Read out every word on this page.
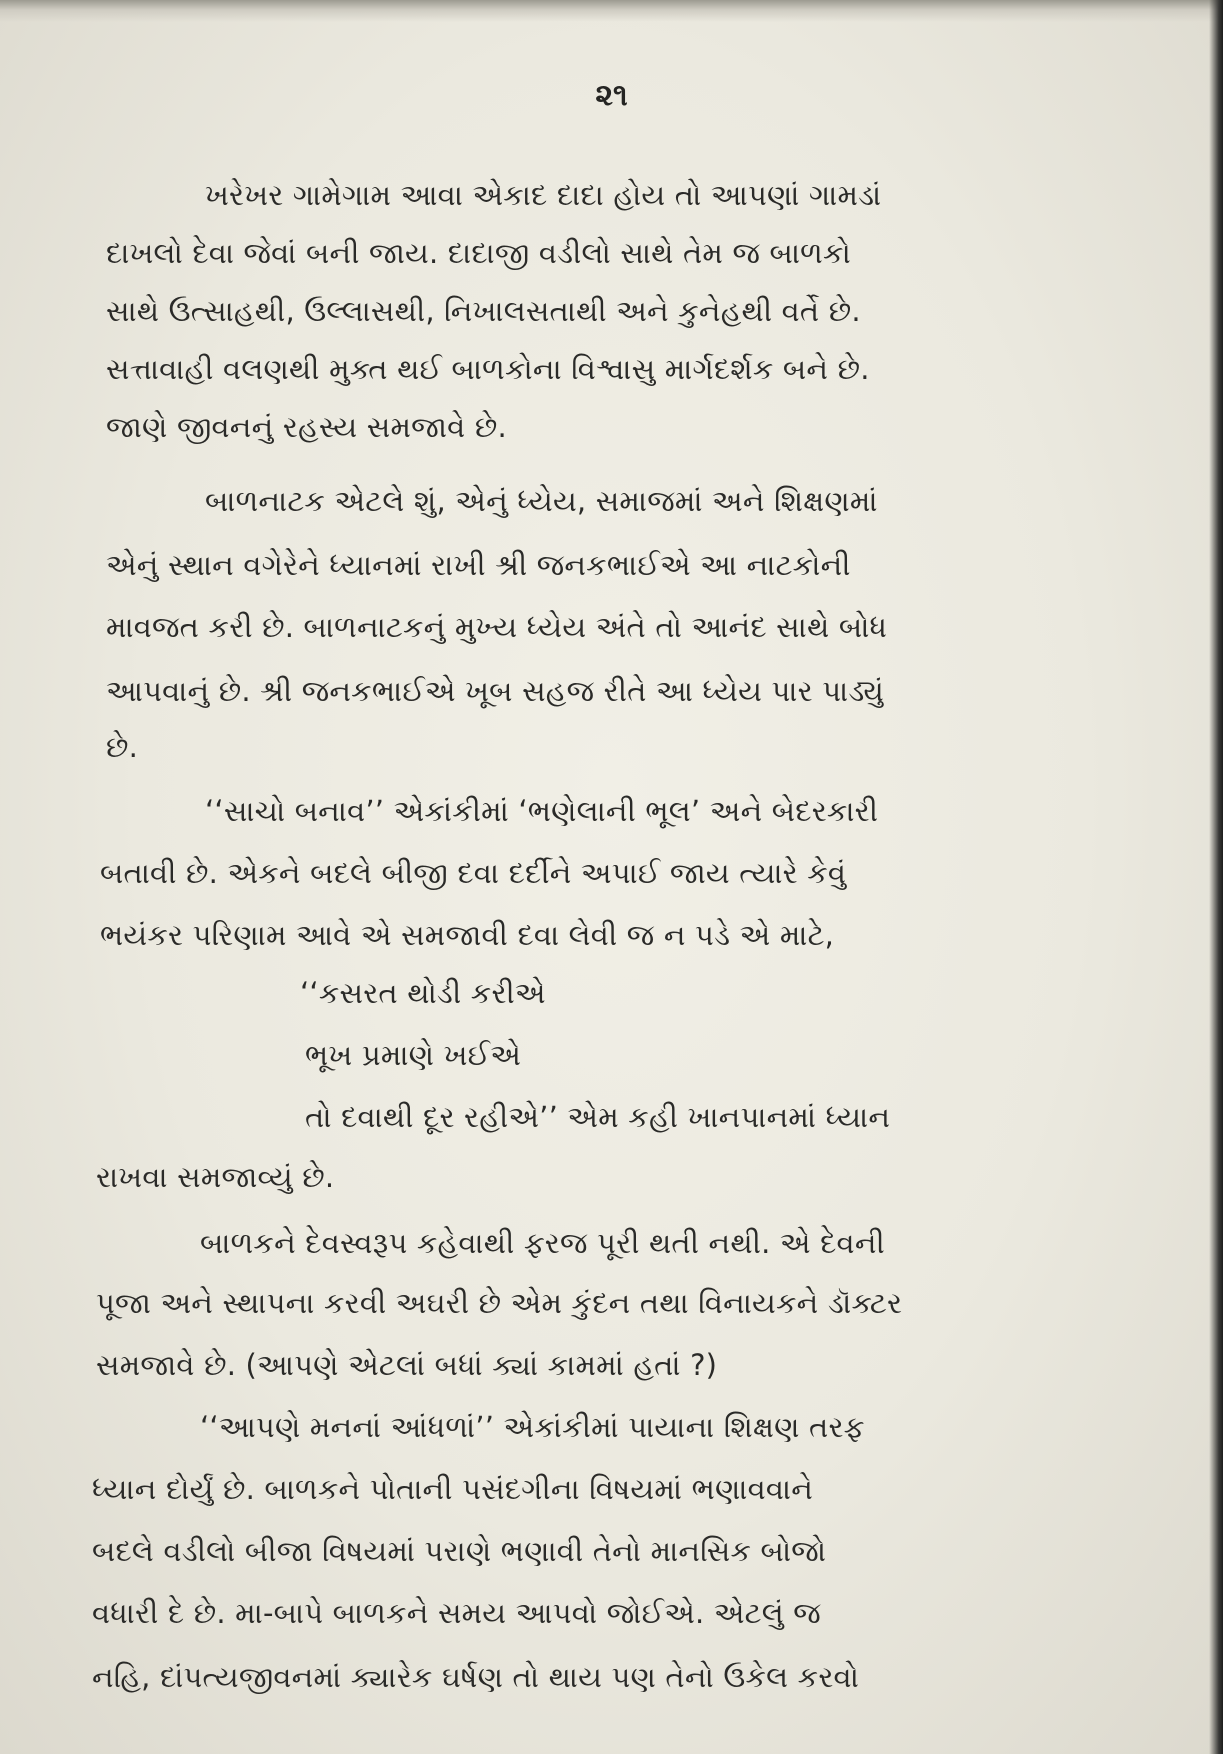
૨૧
ખરેખર ગામેગામ આવા એકાદ દાદા હોય તો આપણાં ગામડાં
દાખલો દેવા જેવાં બની જાય. દાદાજી વડીલો સાથે તેમ જ બાળકો
સાથે ઉત્સાહથી, ઉલ્લાસથી, નિખાલસતાથી અને કુનેહથી વર્તે છે.
સત્તાવાહી વલણથી મુક્ત થઈ બાળકોના વિશ્વાસુ માર્ગદર્શક બને છે.
જાણે જીવનનું રહસ્ય સમજાવે છે.
બાળનાટક એટલે શું, એનું ધ્યેય, સમાજમાં અને શિક્ષણમાં
એનું સ્થાન વગેરેને ધ્યાનમાં રાખી શ્રી જનકભાઈએ આ નાટકોની
માવજત કરી છે. બાળનાટકનું મુખ્ય ધ્યેય અંતે તો આનંદ સાથે બોધ
આપવાનું છે. શ્રી જનકભાઈએ ખૂબ સહજ રીતે આ ધ્યેય પાર પાડ્યું
છે.
‘‘સાચો બનાવ’’ એકાંકીમાં ‘ભણેલાની ભૂલ’ અને બેદરકારી
બતાવી છે. એકને બદલે બીજી દવા દર્દીને અપાઈ જાય ત્યારે કેવું
ભયંકર પરિણામ આવે એ સમજાવી દવા લેવી જ ન પડે એ માટે,
‘‘કસરત થોડી કરીએ
ભૂખ પ્રમાણે ખઈએ
તો દવાથી દૂર રહીએ’’ એમ કહી ખાનપાનમાં ધ્યાન
રાખવા સમજાવ્યું છે.
બાળકને દેવસ્વરૂપ કહેવાથી ફરજ પૂરી થતી નથી. એ દેવની
પૂજા અને સ્થાપના કરવી અઘરી છે એમ કુંદન તથા વિનાયકને ડૉક્ટર
સમજાવે છે. (આપણે એટલાં બધાં ક્યાં કામમાં હતાં ?)
‘‘આપણે મનનાં આંધળાં’’ એકાંકીમાં પાયાના શિક્ષણ તરફ
ધ્યાન દોર્યું છે. બાળકને પોતાની પસંદગીના વિષયમાં ભણાવવાને
બદલે વડીલો બીજા વિષયમાં પરાણે ભણાવી તેનો માનસિક બોજો
વધારી દે છે. મા-બાપે બાળકને સમય આપવો જોઈએ. એટલું જ
નહિ, દાંપત્યજીવનમાં ક્યારેક ઘર્ષણ તો થાય પણ તેનો ઉકેલ કરવો
